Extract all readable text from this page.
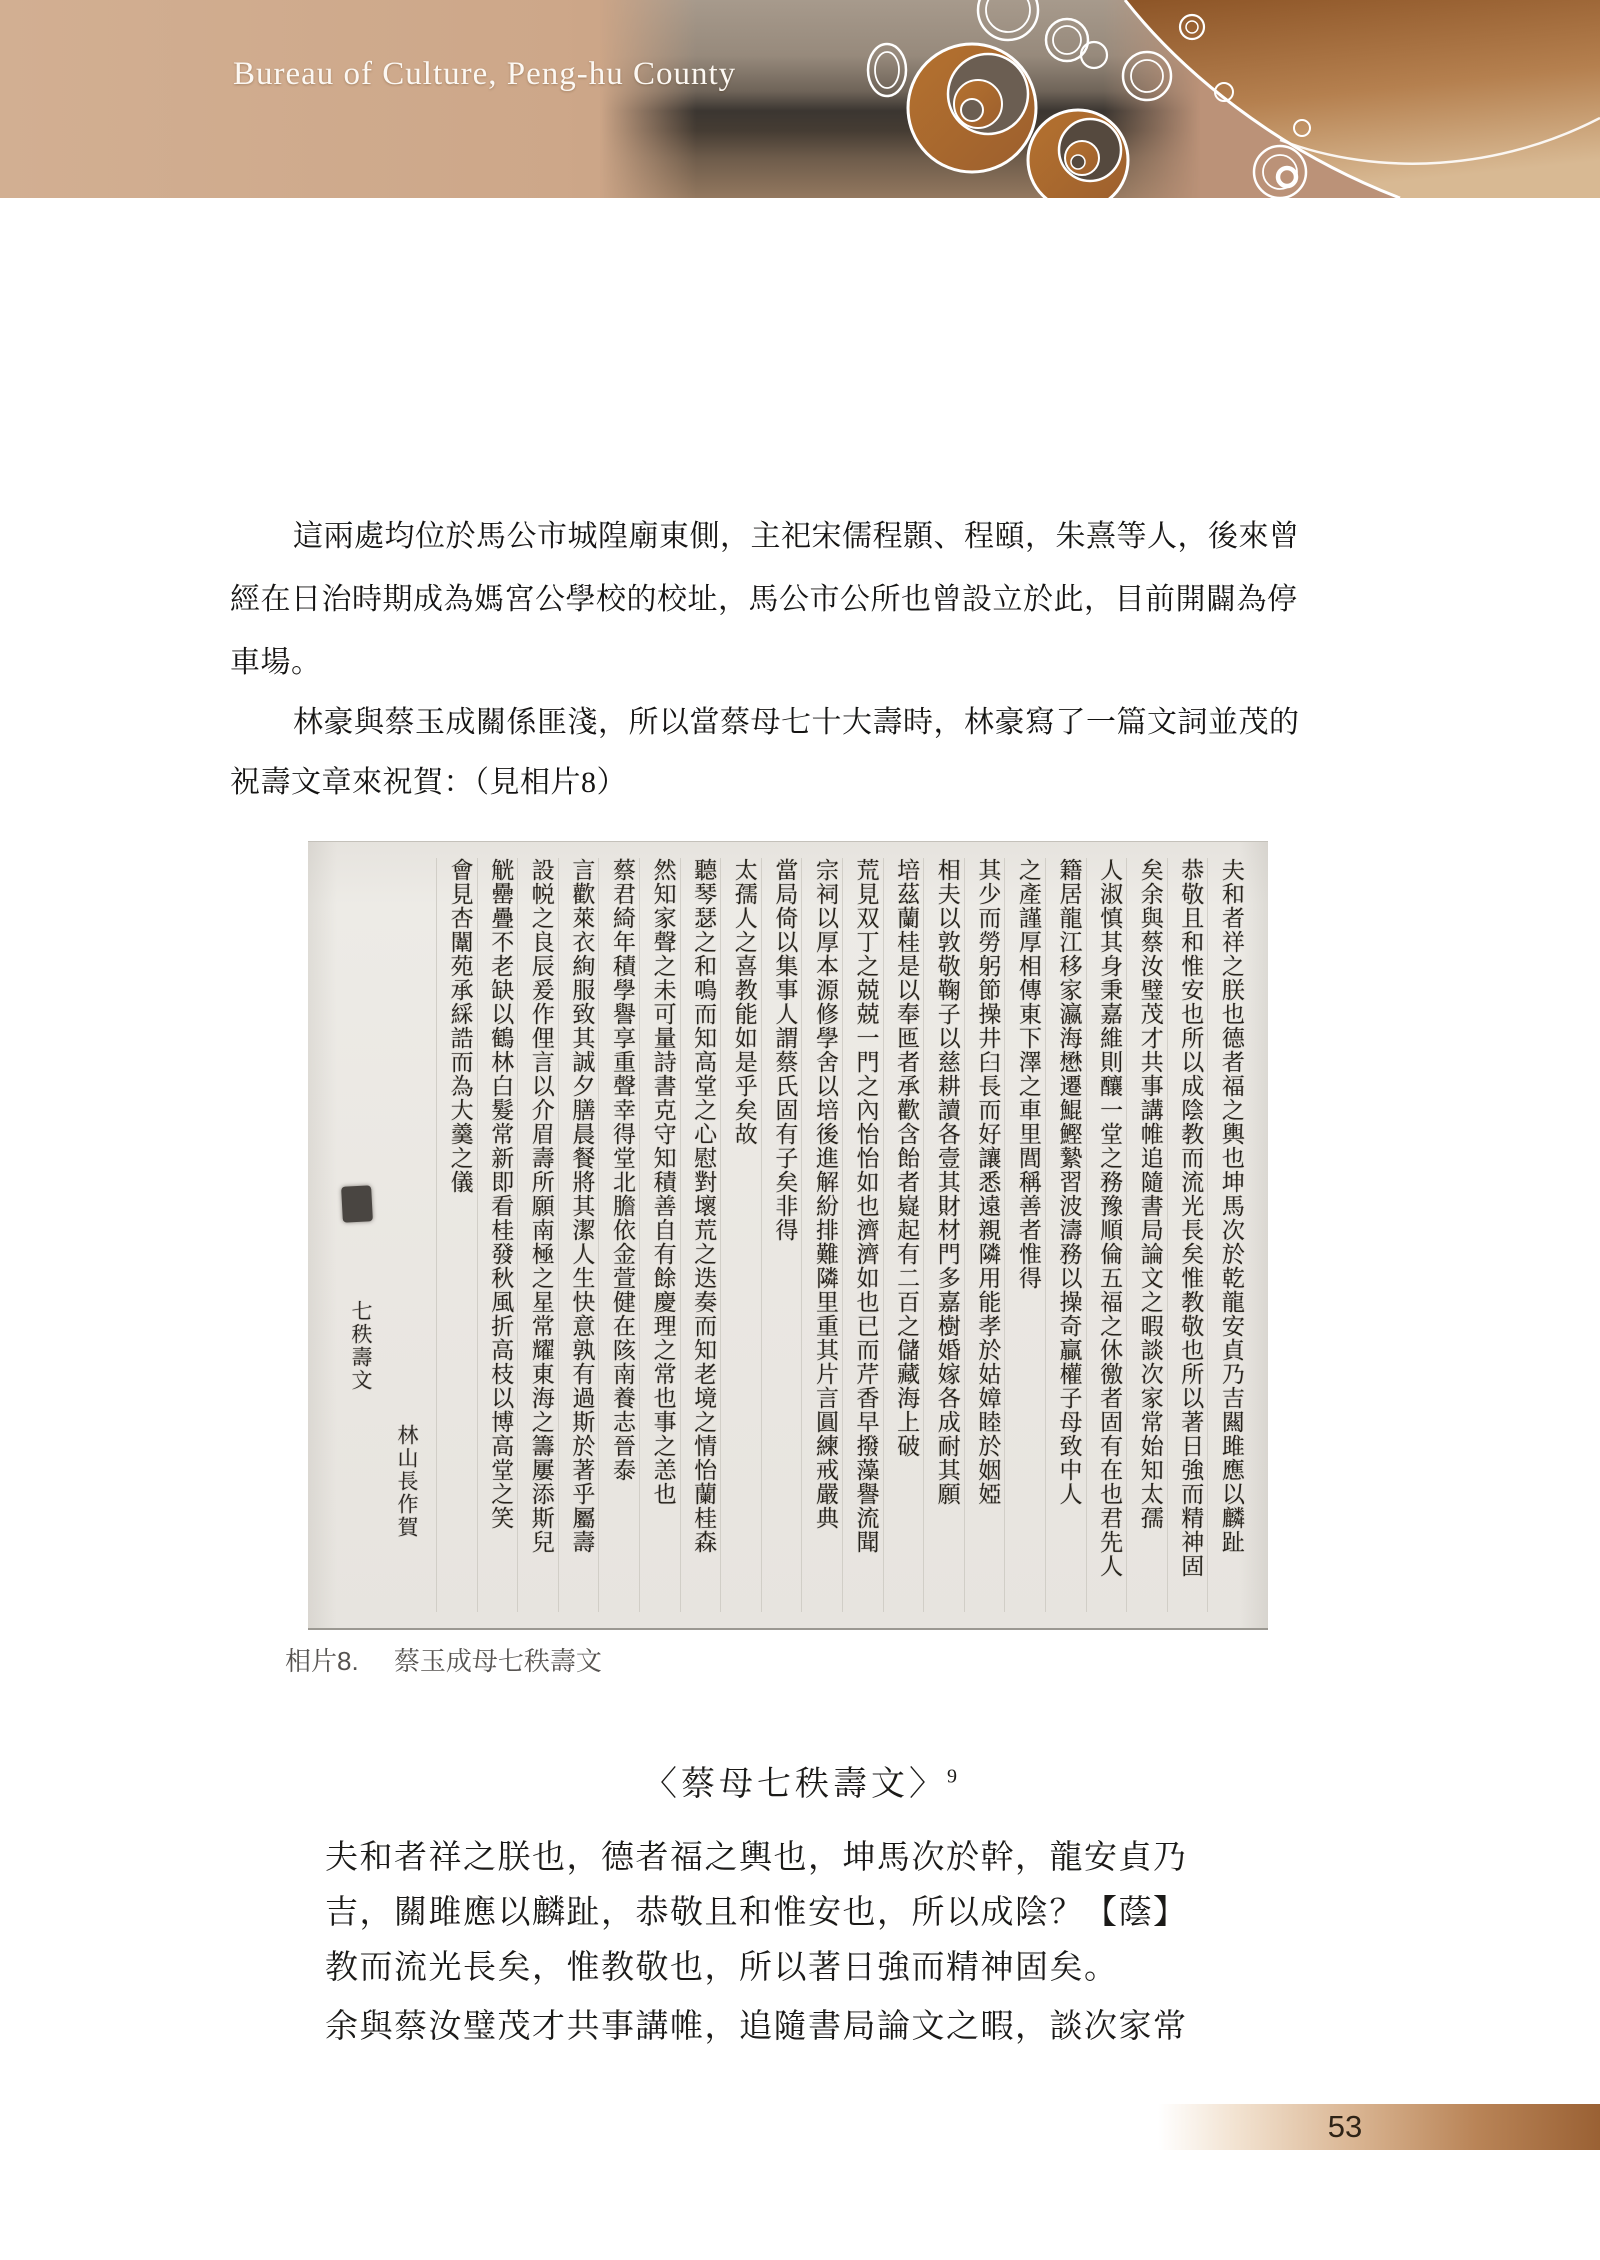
Bureau of Culture, Peng-hu County
這兩處均位於馬公市城隍廟東側，主祀宋儒程顥、程頤，朱熹等人，後來曾
經在日治時期成為媽宮公學校的校址，馬公市公所也曾設立於此，目前開闢為停
車場。
林豪與蔡玉成關係匪淺，所以當蔡母七十大壽時，林豪寫了一篇文詞並茂的
祝壽文章來祝賀：（見相片8）
夫和者祥之朕也德者福之輿也坤馬次於乾龍安貞乃吉闗雎應以麟趾
恭敬且和惟安也所以成陰教而流光長矣惟教敬也所以著日強而精神固
矣余與蔡汝璧茂才共事講帷追隨書局論文之暇談次家常始知太孺
人淑慎其身秉嘉維則釀一堂之務豫順倫五福之休徼者固有在也君先人
籍居龍江移家瀛海懋遷鯤鰹縶習波濤務以操奇贏權子母致中人
之產謹厚相傳東下澤之車里閭稱善者惟得
其少而勞躬節操井臼長而好讓悉遠親隣用能孝於姑嫜睦於姻婭
相夫以敦敬鞠子以慈耕讀各壹其財材門多嘉樹婚嫁各成耐其願
培茲蘭桂是以奉匜者承歡含飴者嶷起有二百之儲藏海上破
荒見双丁之兢兢一門之內怡怡如也濟濟如也已而芹香早撥藻譽流聞
宗祠以厚本源修學舍以培後進解紛排難隣里重其片言圓練戒嚴典
當局倚以集事人謂蔡氏固有子矣非得
太孺人之喜教能如是乎矣故
聽琴瑟之和鳴而知高堂之心慰對壞荒之迭奏而知老境之情怡蘭桂森
然知家聲之未可量詩書克守知積善自有餘慶理之常也事之恙也
蔡君綺年積學譽享重聲幸得堂北膽依金萱健在陔南養志晉泰
言歡萊衣絢服致其誠夕膳晨餐將其潔人生快意孰有過斯於著乎屬壽
設帨之良辰爰作俚言以介眉壽所願南極之星常耀東海之籌屢添斯兒
觥罍疊不老缺以鶴林白髮常新即看桂發秋風折高枝以博高堂之笑
會見杏闈苑承綵誥而為大羹之儀
七秩壽文
林山長作賀
相片8. 蔡玉成母七秩壽文
〈蔡母七秩壽文〉$^9$
夫和者祥之朕也，德者福之輿也，坤馬次於幹，龍安貞乃
吉，關雎應以麟趾，恭敬且和惟安也，所以成陰？【蔭】
教而流光長矣，惟教敬也，所以著日強而精神固矣。
余與蔡汝璧茂才共事講帷，追隨書局論文之暇，談次家常
53
